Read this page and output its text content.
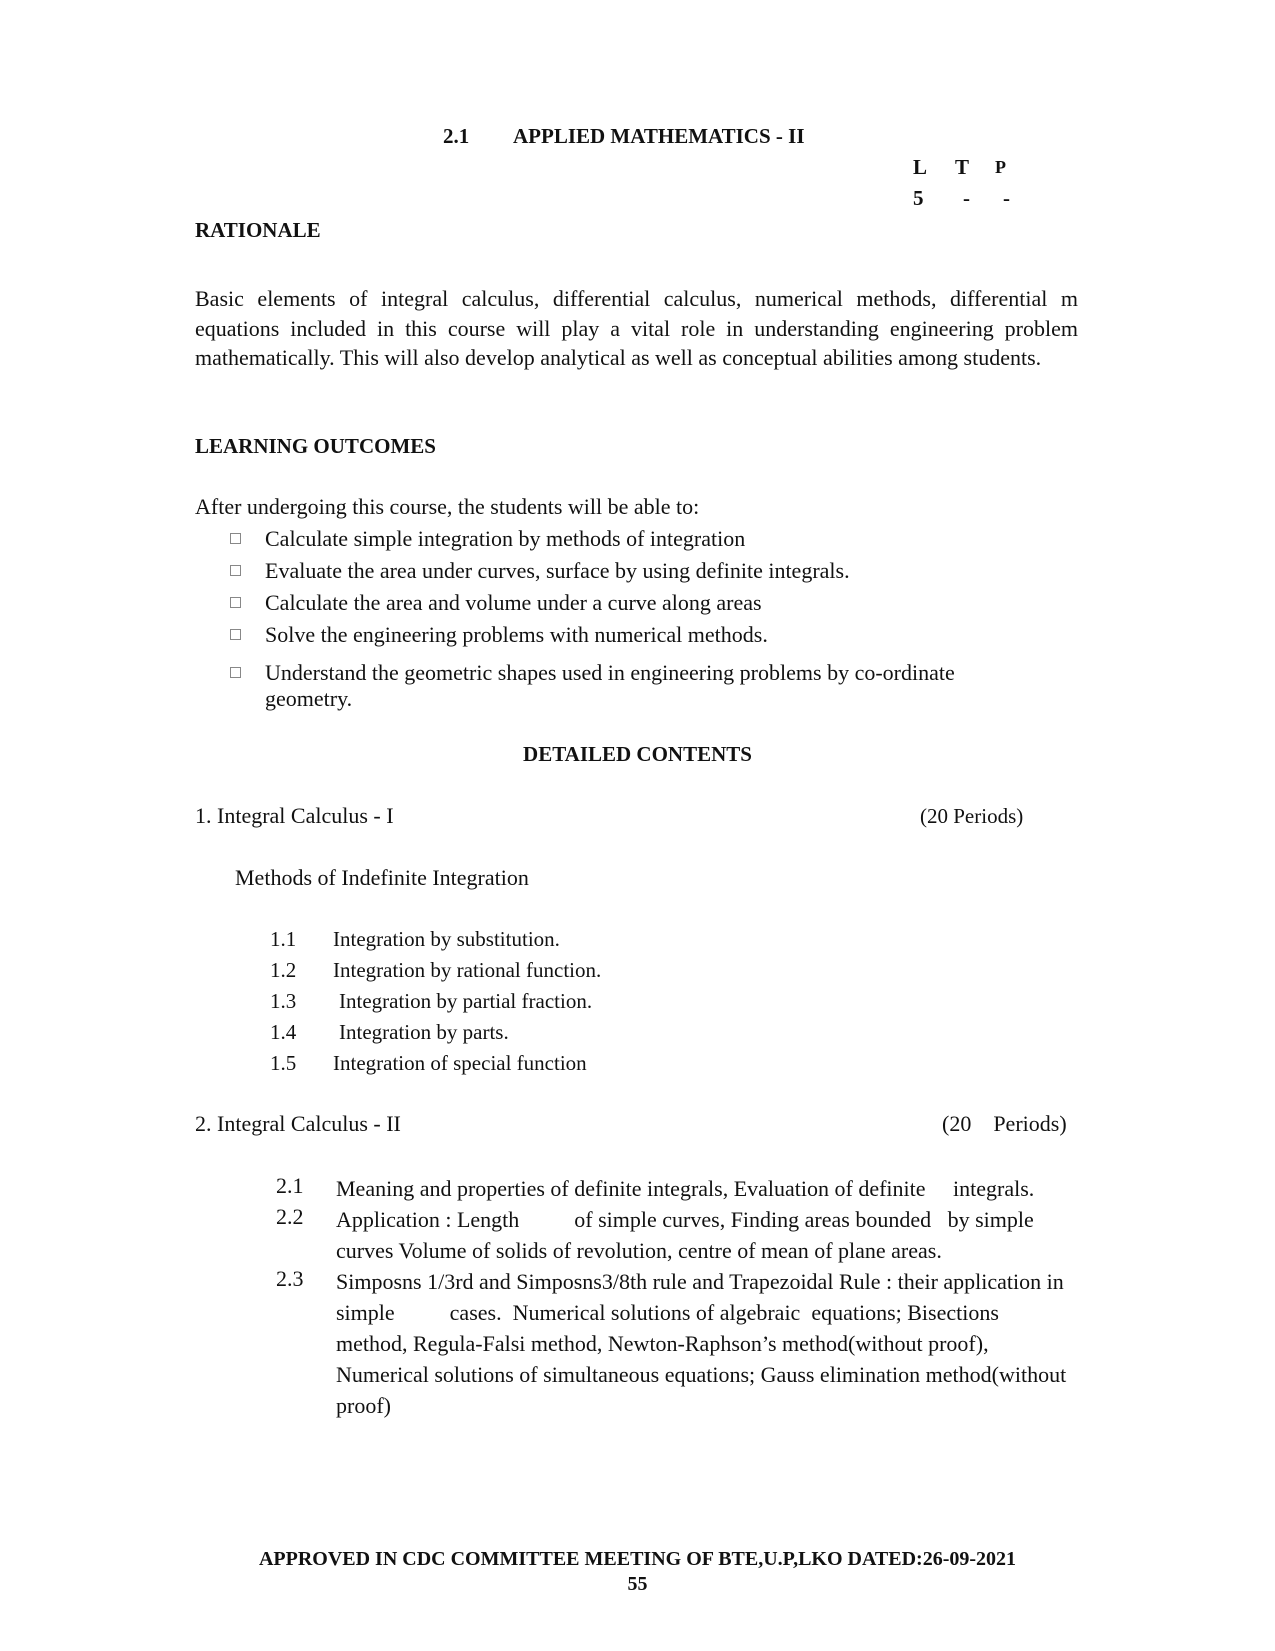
2.1 APPLIED MATHEMATICS - II
L T P
5 - -
RATIONALE
Basic elements of integral calculus, differential calculus, numerical methods, differential m equations included in this course will play a vital role in understanding engineering problem mathematically. This will also develop analytical as well as conceptual abilities among students.
LEARNING OUTCOMES
After undergoing this course, the students will be able to:
Calculate simple integration by methods of integration
Evaluate the area under curves, surface by using definite integrals.
Calculate the area and volume under a curve along areas
Solve the engineering problems with numerical methods.
Understand the geometric shapes used in engineering problems by co-ordinate geometry.
DETAILED CONTENTS
1. Integral Calculus - I	(20 Periods)
Methods of Indefinite Integration
1.1 Integration by substitution.
1.2 Integration by rational function.
1.3 Integration by partial fraction.
1.4 Integration by parts.
1.5 Integration of special function
2. Integral Calculus - II	(20    Periods)
2.1 Meaning and properties of definite integrals, Evaluation of definite     integrals.
2.2 Application : Length          of simple curves, Finding areas bounded   by simple curves Volume of solids of revolution, centre of mean of plane areas.
2.3 Simposns 1/3rd and Simposns3/8th rule and Trapezoidal Rule : their application in simple          cases.  Numerical solutions of algebraic  equations; Bisections method, Regula-Falsi method, Newton-Raphson’s method(without proof), Numerical solutions of simultaneous equations; Gauss elimination method(without proof)
APPROVED IN CDC COMMITTEE MEETING OF BTE,U.P,LKO DATED:26-09-2021
55
